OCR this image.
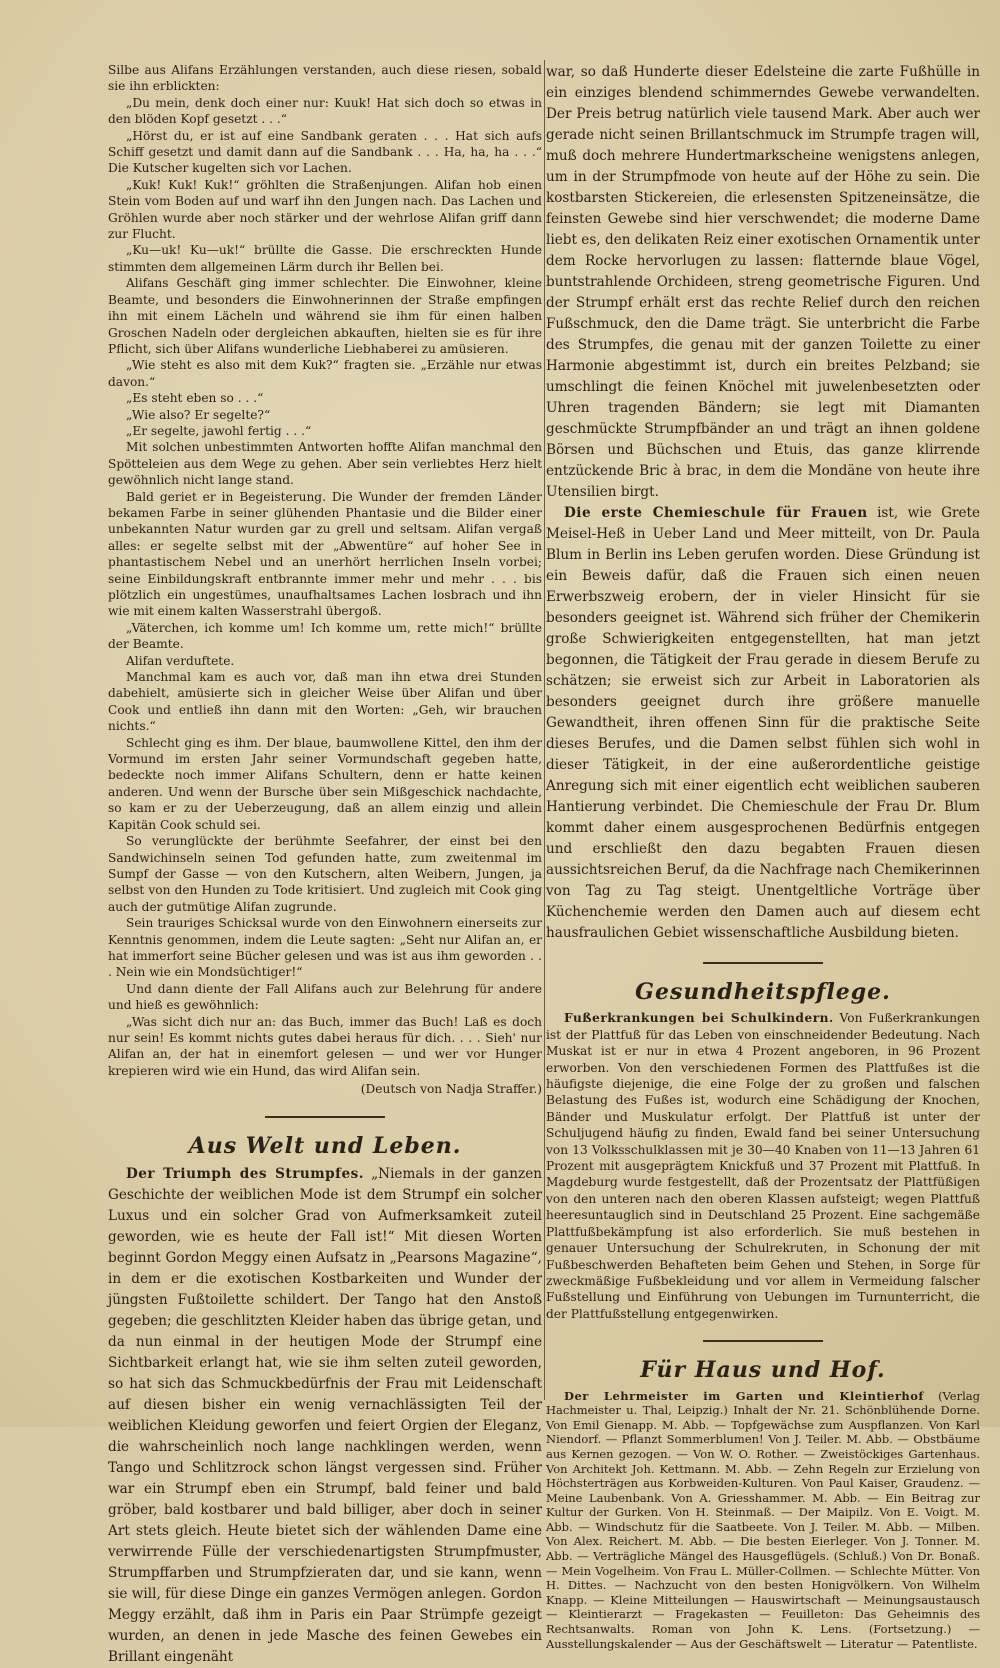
Silbe aus Alifans Erzählungen verstanden, auch diese riesen, sobald sie ihn erblickten:

„Du mein, denk doch einer nur: Kuuk! Hat sich doch so etwas in den blöden Kopf gesetzt . . .“

„Hörst du, er ist auf eine Sandbank geraten . . . Hat sich aufs Schiff gesetzt und damit dann auf die Sandbank . . . Ha, ha, ha . . .“ Die Kutscher kugelten sich vor Lachen.

„Kuk! Kuk! Kuk!“ gröhlten die Straßenjungen. Alifan hob einen Stein vom Boden auf und warf ihn den Jungen nach. Das Lachen und Gröhlen wurde aber noch stärker und der wehrlose Alifan griff dann zur Flucht.

„Ku—uk! Ku—uk!“ brüllte die Gasse. Die erschreckten Hunde stimmten dem allgemeinen Lärm durch ihr Bellen bei.

Alifans Geschäft ging immer schlechter. Die Einwohner, kleine Beamte, und besonders die Einwohnerinnen der Straße empfingen ihn mit einem Lächeln und während sie ihm für einen halben Groschen Nadeln oder dergleichen abkauften, hielten sie es für ihre Pflicht, sich über Alifans wunderliche Liebhaberei zu amüsieren.

„Wie steht es also mit dem Kuk?“ fragten sie. „Erzähle nur etwas davon.“

„Es steht eben so . . .“

„Wie also? Er segelte?“

„Er segelte, jawohl fertig . . .“

Mit solchen unbestimmten Antworten hoffte Alifan manchmal den Spötteleien aus dem Wege zu gehen. Aber sein verliebtes Herz hielt gewöhnlich nicht lange stand.

Bald geriet er in Begeisterung. Die Wunder der fremden Länder bekamen Farbe in seiner glühenden Phantasie und die Bilder einer unbekannten Natur wurden gar zu grell und seltsam. Alifan vergaß alles: er segelte selbst mit der „Abwentüre“ auf hoher See in phantastischem Nebel und an unerhört herrlichen Inseln vorbei; seine Einbildungskraft entbrannte immer mehr und mehr . . . bis plötzlich ein ungestümes, unaufhaltsames Lachen losbrach und ihn wie mit einem kalten Wasserstrahl übergoß.

„Väterchen, ich komme um! Ich komme um, rette mich!“ brüllte der Beamte.

Alifan verduftete.

Manchmal kam es auch vor, daß man ihn etwa drei Stunden dabehielt, amüsierte sich in gleicher Weise über Alifan und über Cook und entließ ihn dann mit den Worten: „Geh, wir brauchen nichts.“

Schlecht ging es ihm. Der blaue, baumwollene Kittel, den ihm der Vormund im ersten Jahr seiner Vormundschaft gegeben hatte, bedeckte noch immer Alifans Schultern, denn er hatte keinen anderen. Und wenn der Bursche über sein Mißgeschick nachdachte, so kam er zu der Ueberzeugung, daß an allem einzig und allein Kapitän Cook schuld sei.

So verunglückte der berühmte Seefahrer, der einst bei den Sandwichinseln seinen Tod gefunden hatte, zum zweitenmal im Sumpf der Gasse — von den Kutschern, alten Weibern, Jungen, ja selbst von den Hunden zu Tode kritisiert. Und zugleich mit Cook ging auch der gutmütige Alifan zugrunde.

Sein trauriges Schicksal wurde von den Einwohnern einerseits zur Kenntnis genommen, indem die Leute sagten: „Seht nur Alifan an, er hat immerfort seine Bücher gelesen und was ist aus ihm geworden . . . Nein wie ein Mondsüchtiger!“

Und dann diente der Fall Alifans auch zur Belehrung für andere und hieß es gewöhnlich:

„Was sicht dich nur an: das Buch, immer das Buch! Laß es doch nur sein! Es kommt nichts gutes dabei heraus für dich. . . . Sieh' nur Alifan an, der hat in einemfort gelesen — und wer vor Hunger krepieren wird wie ein Hund, das wird Alifan sein.

(Deutsch von Nadja Straffer.)

Aus Welt und Leben.

Der Triumph des Strumpfes. „Niemals in der ganzen Geschichte der weiblichen Mode ist dem Strumpf ein solcher Luxus und ein solcher Grad von Aufmerksamkeit zuteil geworden, wie es heute der Fall ist!“ Mit diesen Worten beginnt Gordon Meggy einen Aufsatz in „Pearsons Magazine“, in dem er die exotischen Kostbarkeiten und Wunder der jüngsten Fußtoilette schildert. Der Tango hat den Anstoß gegeben; die geschlitzten Kleider haben das übrige getan, und da nun einmal in der heutigen Mode der Strumpf eine Sichtbarkeit erlangt hat, wie sie ihm selten zuteil geworden, so hat sich das Schmuckbedürfnis der Frau mit Leidenschaft auf diesen bisher ein wenig vernachlässigten Teil der weiblichen Kleidung geworfen und feiert Orgien der Eleganz, die wahrscheinlich noch lange nachklingen werden, wenn Tango und Schlitzrock schon längst vergessen sind. Früher war ein Strumpf eben ein Strumpf, bald feiner und bald gröber, bald kostbarer und bald billiger, aber doch in seiner Art stets gleich. Heute bietet sich der wählenden Dame eine verwirrende Fülle der verschiedenartigsten Strumpfmuster, Strumpffarben und Strumpfzieraten dar, und sie kann, wenn sie will, für diese Dinge ein ganzes Vermögen anlegen. Gordon Meggy erzählt, daß ihm in Paris ein Paar Strümpfe gezeigt wurden, an denen in jede Masche des feinen Gewebes ein Brillant eingenäht

war, so daß Hunderte dieser Edelsteine die zarte Fußhülle in ein einziges blendend schimmerndes Gewebe verwandelten. Der Preis betrug natürlich viele tausend Mark. Aber auch wer gerade nicht seinen Brillantschmuck im Strumpfe tragen will, muß doch mehrere Hundertmarkscheine wenigstens anlegen, um in der Strumpfmode von heute auf der Höhe zu sein. Die kostbarsten Stickereien, die erlesensten Spitzeneinsätze, die feinsten Gewebe sind hier verschwendet; die moderne Dame liebt es, den delikaten Reiz einer exotischen Ornamentik unter dem Rocke hervorlugen zu lassen: flatternde blaue Vögel, buntstrahlende Orchideen, streng geometrische Figuren. Und der Strumpf erhält erst das rechte Relief durch den reichen Fußschmuck, den die Dame trägt. Sie unterbricht die Farbe des Strumpfes, die genau mit der ganzen Toilette zu einer Harmonie abgestimmt ist, durch ein breites Pelzband; sie umschlingt die feinen Knöchel mit juwelenbesetzten oder Uhren tragenden Bändern; sie legt mit Diamanten geschmückte Strumpfbänder an und trägt an ihnen goldene Börsen und Büchschen und Etuis, das ganze klirrende entzückende Bric à brac, in dem die Mondäne von heute ihre Utensilien birgt.

Die erste Chemieschule für Frauen ist, wie Grete Meisel-Heß in Ueber Land und Meer mitteilt, von Dr. Paula Blum in Berlin ins Leben gerufen worden. Diese Gründung ist ein Beweis dafür, daß die Frauen sich einen neuen Erwerbszweig erobern, der in vieler Hinsicht für sie besonders geeignet ist. Während sich früher der Chemikerin große Schwierigkeiten entgegenstellten, hat man jetzt begonnen, die Tätigkeit der Frau gerade in diesem Berufe zu schätzen; sie erweist sich zur Arbeit in Laboratorien als besonders geeignet durch ihre größere manuelle Gewandtheit, ihren offenen Sinn für die praktische Seite dieses Berufes, und die Damen selbst fühlen sich wohl in dieser Tätigkeit, in der eine außerordentliche geistige Anregung sich mit einer eigentlich echt weiblichen sauberen Hantierung verbindet. Die Chemieschule der Frau Dr. Blum kommt daher einem ausgesprochenen Bedürfnis entgegen und erschließt den dazu begabten Frauen diesen aussichtsreichen Beruf, da die Nachfrage nach Chemikerinnen von Tag zu Tag steigt. Unentgeltliche Vorträge über Küchenchemie werden den Damen auch auf diesem echt hausfraulichen Gebiet wissenschaftliche Ausbildung bieten.

Gesundheitspflege.

Fußerkrankungen bei Schulkindern. Von Fußerkrankungen ist der Plattfuß für das Leben von einschneidender Bedeutung. Nach Muskat ist er nur in etwa 4 Prozent angeboren, in 96 Prozent erworben. Von den verschiedenen Formen des Plattfußes ist die häufigste diejenige, die eine Folge der zu großen und falschen Belastung des Fußes ist, wodurch eine Schädigung der Knochen, Bänder und Muskulatur erfolgt. Der Plattfuß ist unter der Schuljugend häufig zu finden, Ewald fand bei seiner Untersuchung von 13 Volksschulklassen mit je 30—40 Knaben von 11—13 Jahren 61 Prozent mit ausgeprägtem Knickfuß und 37 Prozent mit Plattfuß. In Magdeburg wurde festgestellt, daß der Prozentsatz der Plattfüßigen von den unteren nach den oberen Klassen aufsteigt; wegen Plattfuß heeresuntauglich sind in Deutschland 25 Prozent. Eine sachgemäße Plattfußbekämpfung ist also erforderlich. Sie muß bestehen in genauer Untersuchung der Schulrekruten, in Schonung der mit Fußbeschwerden Behafteten beim Gehen und Stehen, in Sorge für zweckmäßige Fußbekleidung und vor allem in Vermeidung falscher Fußstellung und Einführung von Uebungen im Turnunterricht, die der Plattfußstellung entgegenwirken.

Für Haus und Hof.

Der Lehrmeister im Garten und Kleintierhof (Verlag Hachmeister u. Thal, Leipzig.) Inhalt der Nr. 21. Schönblühende Dorne. Von Emil Gienapp. M. Abb. — Topfgewächse zum Auspflanzen. Von Karl Niendorf. — Pflanzt Sommerblumen! Von J. Teiler. M. Abb. — Obstbäume aus Kernen gezogen. — Von W. O. Rother. — Zweistöckiges Gartenhaus. Von Architekt Joh. Kettmann. M. Abb. — Zehn Regeln zur Erzielung von Höchsterträgen aus Korbweiden-Kulturen. Von Paul Kaiser, Graudenz. — Meine Laubenbank. Von A. Griesshammer. M. Abb. — Ein Beitrag zur Kultur der Gurken. Von H. Steinmaß. — Der Maipilz. Von E. Voigt. M. Abb. — Windschutz für die Saatbeete. Von J. Teiler. M. Abb. — Milben. Von Alex. Reichert. M. Abb. — Die besten Eierleger. Von J. Tonner. M. Abb. — Verträgliche Mängel des Hausgeflügels. (Schluß.) Von Dr. Bonaß. — Mein Vogelheim. Von Frau L. Müller-Collmen. — Schlechte Mütter. Von H. Dittes. — Nachzucht von den besten Honigvölkern. Von Wilhelm Knapp. — Kleine Mitteilungen — Hauswirtschaft — Meinungsaustausch — Kleintierarzt — Fragekasten — Feuilleton: Das Geheimnis des Rechtsanwalts. Roman von John K. Lens. (Fortsetzung.) — Ausstellungskalender — Aus der Geschäftswelt — Literatur — Patentliste.
